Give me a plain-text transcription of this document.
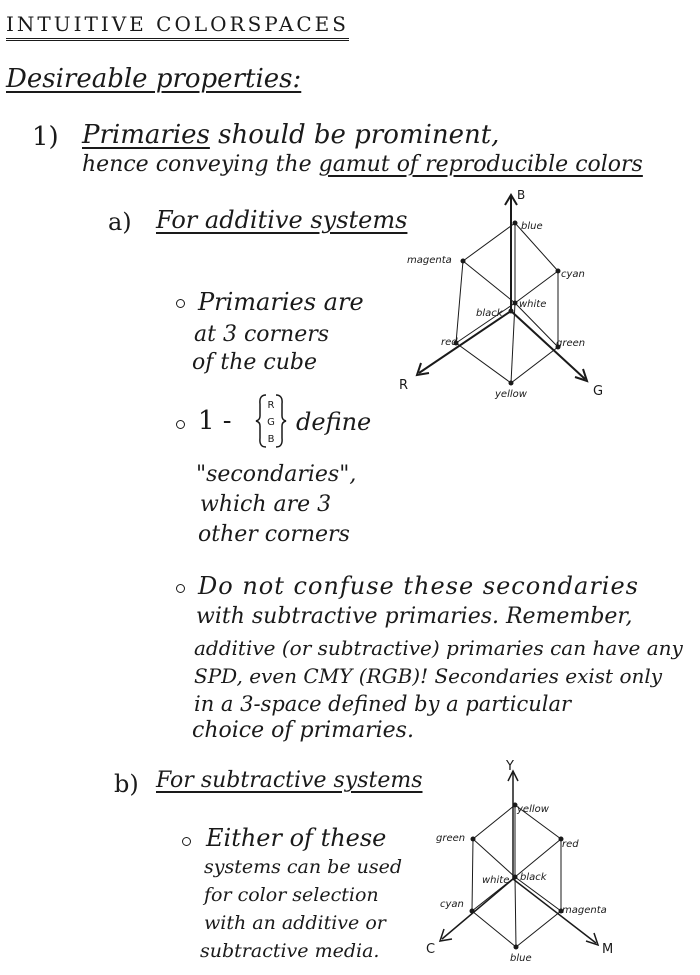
INTUITIVE COLORSPACES
Desireable properties:
1) Primaries should be prominent,
hence conveying the gamut of reproducible colors
a) For additive systems
Primaries are
at 3 corners
of the cube
1 -
R
G
B
define
"secondaries",
which are 3
other corners
Do not confuse these secondaries
with subtractive primaries. Remember,
additive (or subtractive) primaries can have any
SPD, even CMY (RGB)! Secondaries exist only
in a 3-space defined by a particular
choice of primaries.
b) For subtractive systems
Either of these
systems can be used
for color selection
with an additive or
subtractive media.
B
R	G
blue
magenta
cyan
black
white
red	green
yellow
Y
C	M
yellow
green
red
white black
cyan
magenta
blue
